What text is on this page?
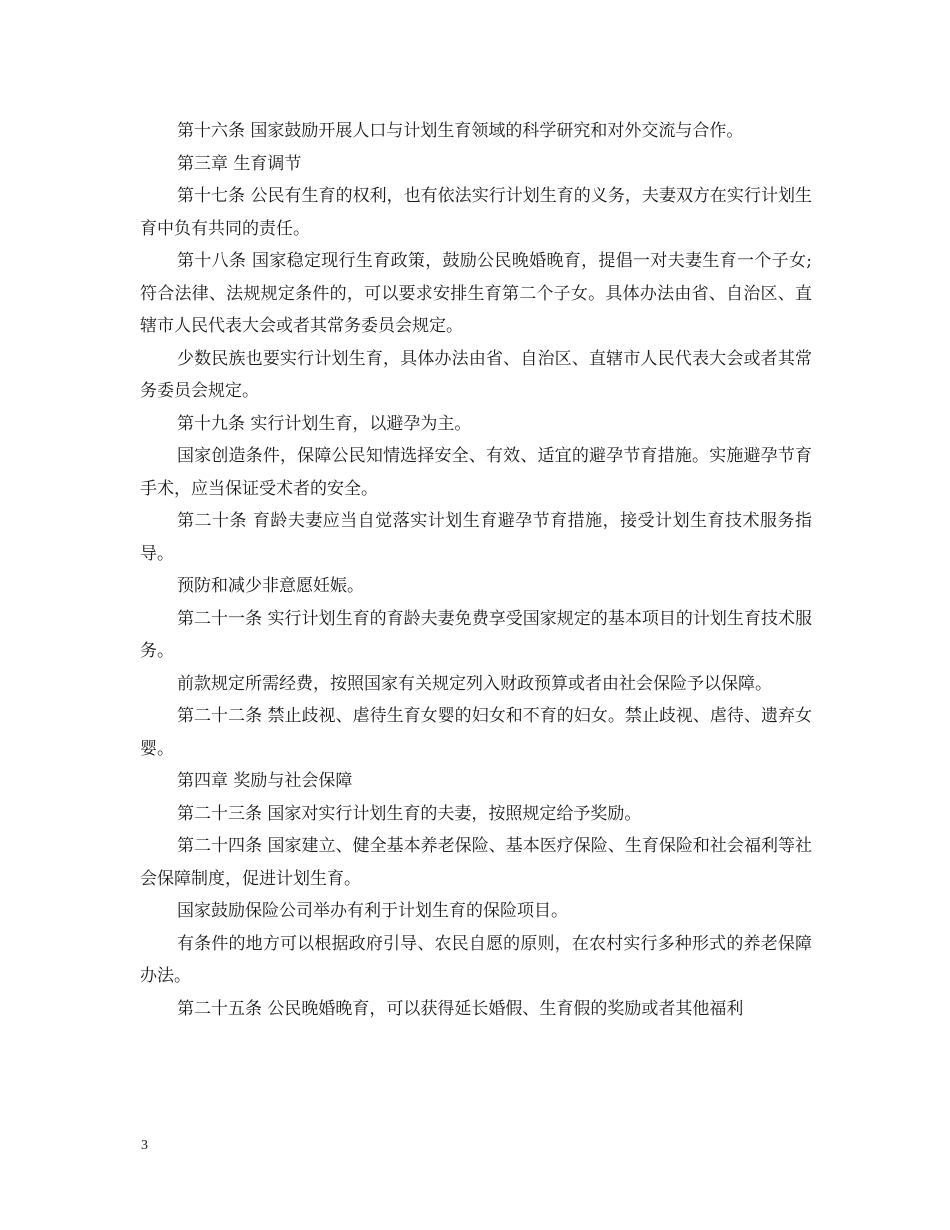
第十六条 国家鼓励开展人口与计划生育领域的科学研究和对外交流与合作。

第三章 生育调节

第十七条 公民有生育的权利，也有依法实行计划生育的义务，夫妻双方在实行计划生育中负有共同的责任。

第十八条 国家稳定现行生育政策，鼓励公民晚婚晚育，提倡一对夫妻生育一个子女;符合法律、法规规定条件的，可以要求安排生育第二个子女。具体办法由省、自治区、直辖市人民代表大会或者其常务委员会规定。

少数民族也要实行计划生育，具体办法由省、自治区、直辖市人民代表大会或者其常务委员会规定。

第十九条 实行计划生育，以避孕为主。

国家创造条件，保障公民知情选择安全、有效、适宜的避孕节育措施。实施避孕节育手术，应当保证受术者的安全。

第二十条 育龄夫妻应当自觉落实计划生育避孕节育措施，接受计划生育技术服务指导。

预防和减少非意愿妊娠。

第二十一条 实行计划生育的育龄夫妻免费享受国家规定的基本项目的计划生育技术服务。

前款规定所需经费，按照国家有关规定列入财政预算或者由社会保险予以保障。

第二十二条 禁止歧视、虐待生育女婴的妇女和不育的妇女。禁止歧视、虐待、遗弃女婴。

第四章 奖励与社会保障

第二十三条 国家对实行计划生育的夫妻，按照规定给予奖励。

第二十四条 国家建立、健全基本养老保险、基本医疗保险、生育保险和社会福利等社会保障制度，促进计划生育。

国家鼓励保险公司举办有利于计划生育的保险项目。

有条件的地方可以根据政府引导、农民自愿的原则，在农村实行多种形式的养老保障办法。

第二十五条 公民晚婚晚育，可以获得延长婚假、生育假的奖励或者其他福利

3
